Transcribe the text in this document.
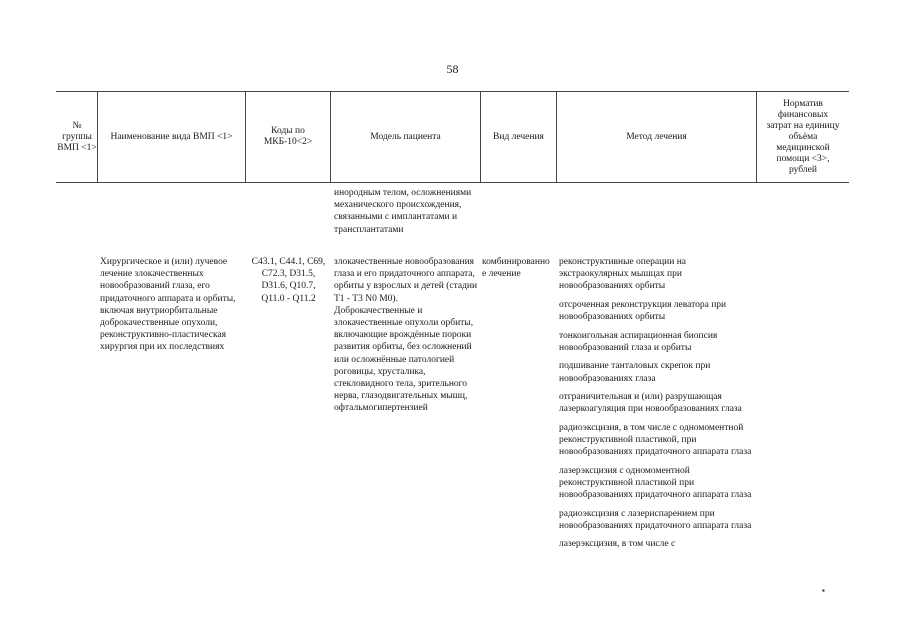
58
№ группы ВМП <1>
Наименование вида ВМП <1>
Коды по МКБ-10<2>
Модель пациента	Вид лечения	Метод лечения
Норматив финансовых затрат на единицу объёма медицинской помощи <3>, рублей
инородным телом, осложнениями механического происхождения, связанными с имплантатами и трансплантатами
Хирургическое и (или) лучевое лечение злокачественных новообразований глаза, его придаточного аппарата и орбиты, включая внутриорбитальные доброкачественные опухоли, реконструктивно-пластическая хирургия при их последствиях
C43.1, C44.1, C69, C72.3, D31.5, D31.6, Q10.7, Q11.0 - Q11.2
злокачественные новообразования глаза и его придаточного аппарата, орбиты у взрослых и детей (стадии T1 - T3 N0 M0). Доброкачественные и злокачественные опухоли орбиты, включающие врождённые пороки развития орбиты, без осложнений или осложнённые патологией роговицы, хрусталика, стекловидного тела, зрительного нерва, глазодвигательных мышц, офтальмогипертензией
комбинированное лечение

реконструктивные операции на экстраокулярных мышцах при новообразованиях орбиты

отсроченная реконструкция леватора при новообразованиях орбиты

тонкоигольная аспирационная биопсия новообразований глаза и орбиты

подшивание танталовых скрепок при новообразованиях глаза

отграничительная и (или) разрушающая лазеркоагуляция при новообразованиях глаза

радиоэксцизия, в том числе с одномоментной реконструктивной пластикой, при новообразованиях придаточного аппарата глаза

лазерэксцизия с одномоментной реконструктивной пластикой при новообразованиях придаточного аппарата глаза

радиоэксцизия с лазериспарением при новообразованиях придаточного аппарата глаза

лазерэксцизия, в том числе с

▪
